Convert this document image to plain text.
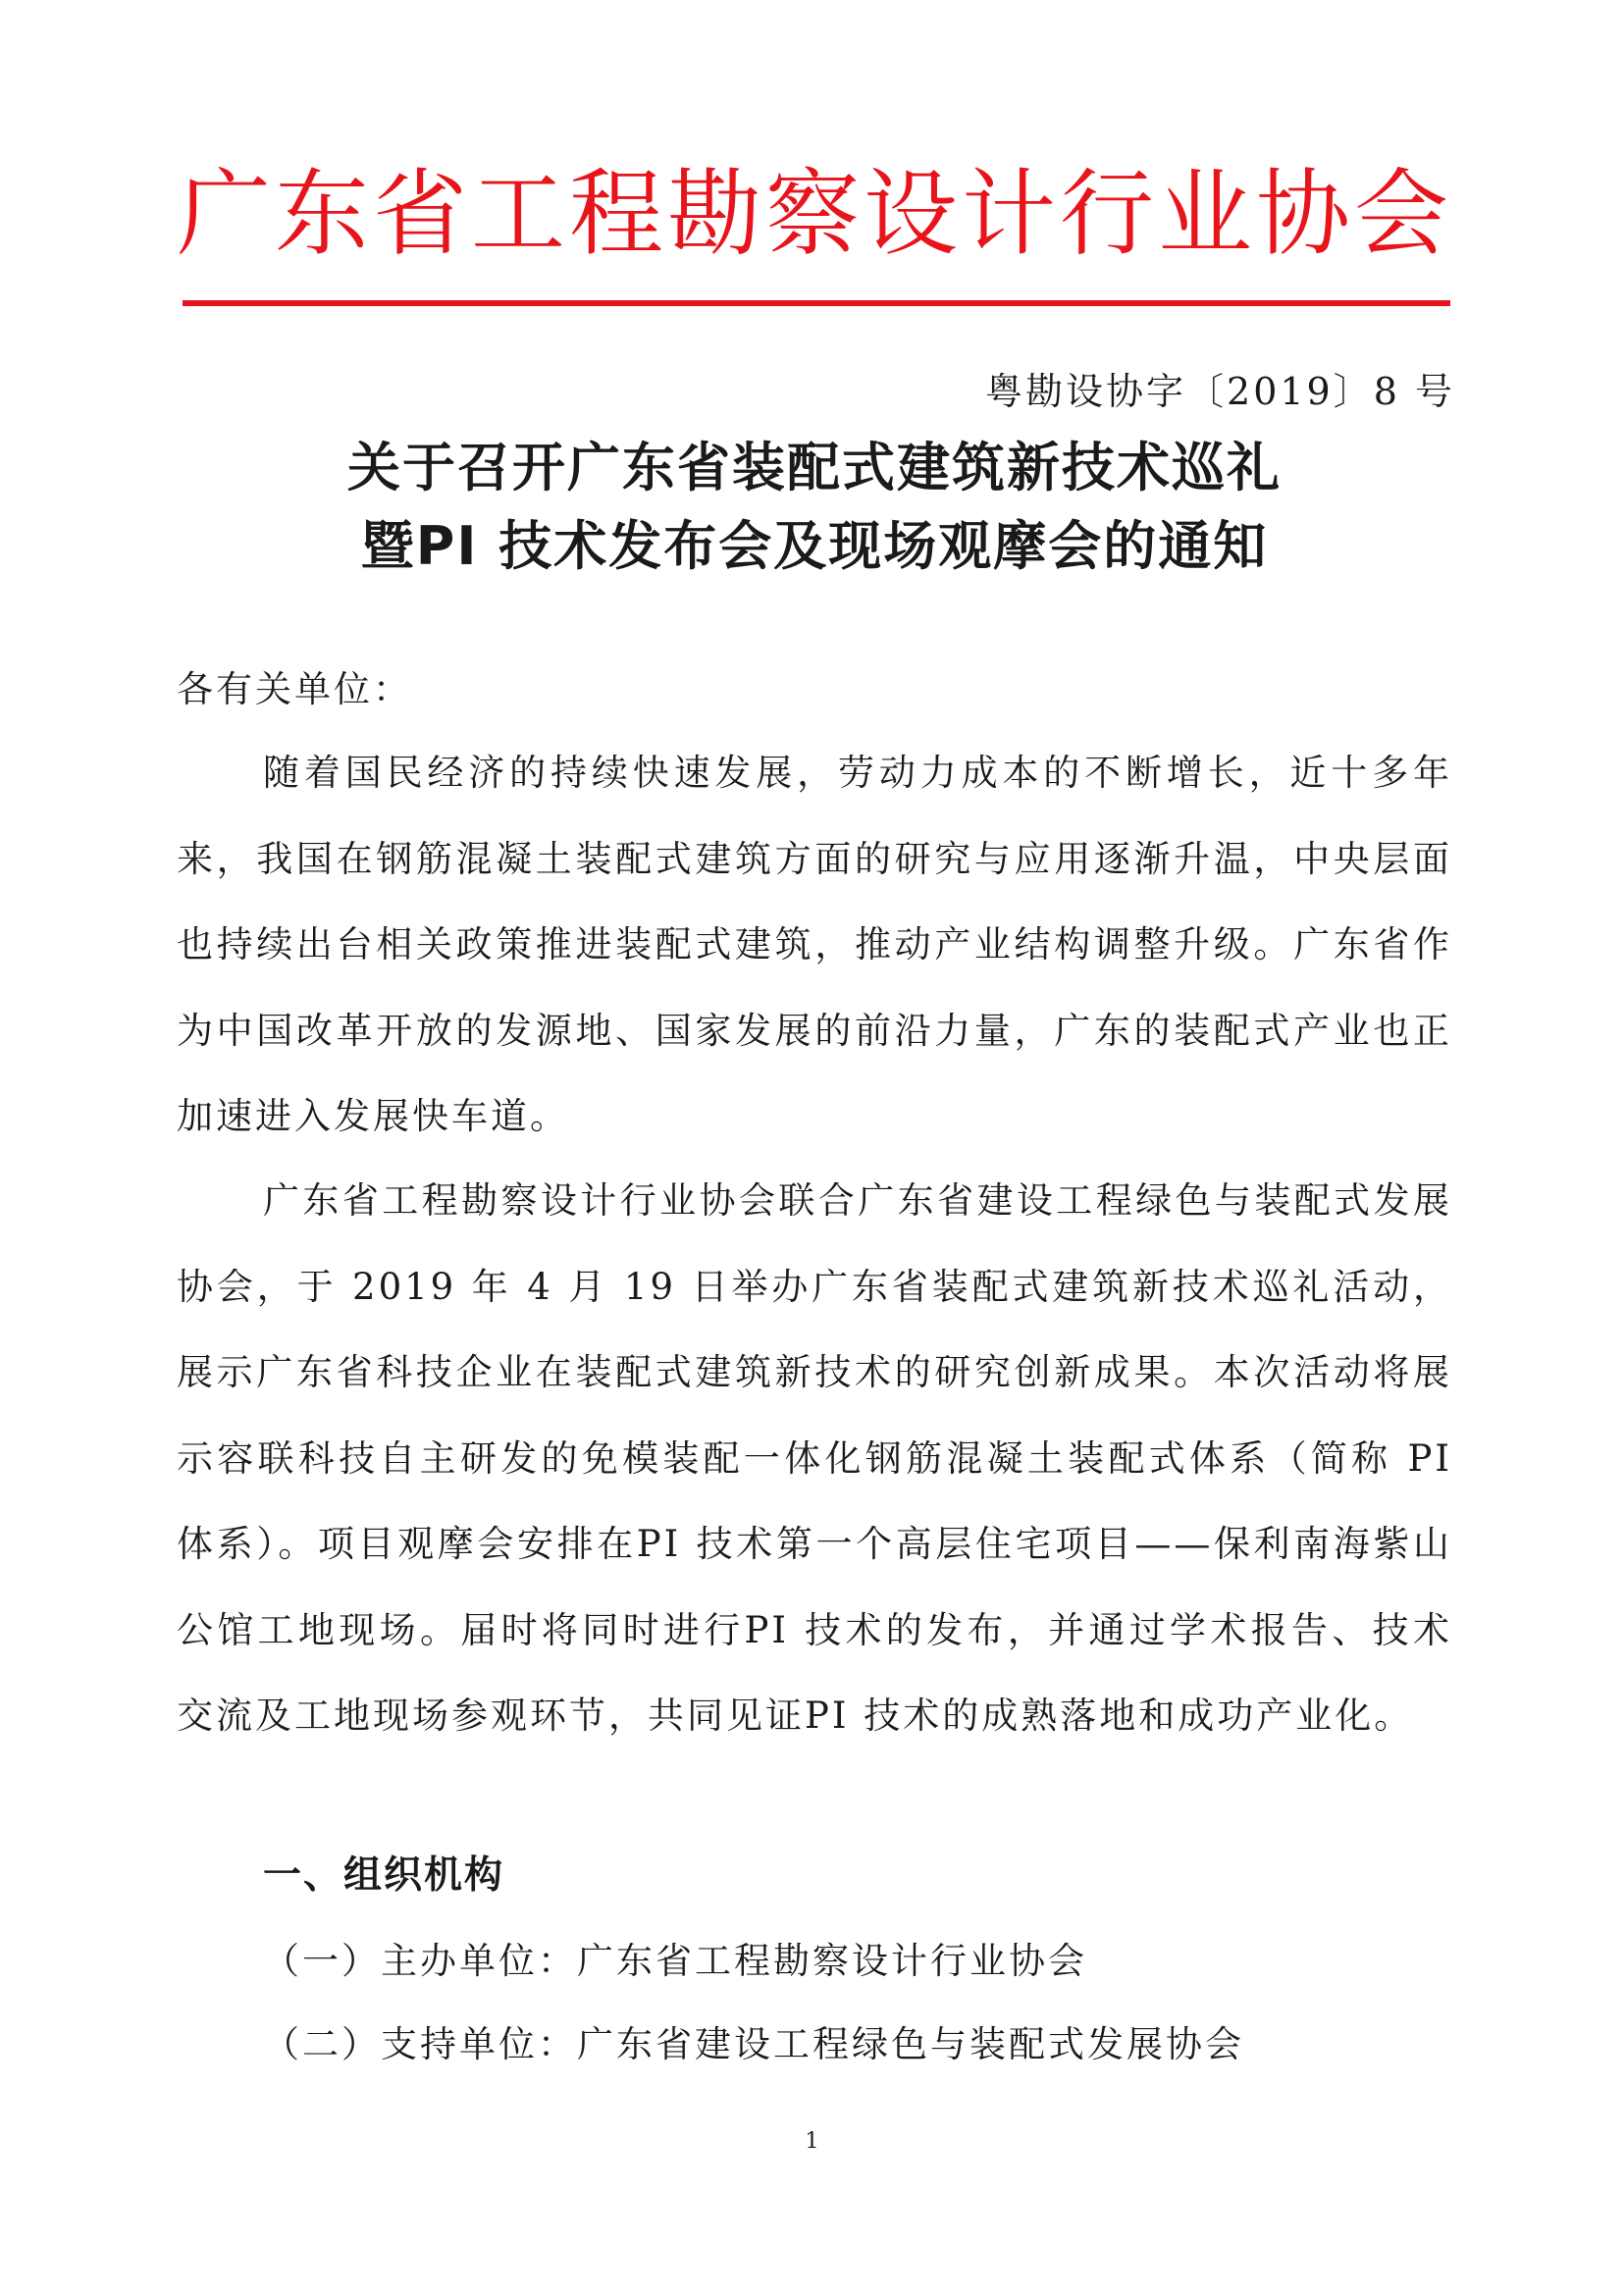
广东省工程勘察设计行业协会
粤勘设协字〔2019〕8 号
关于召开广东省装配式建筑新技术巡礼
暨PI 技术发布会及现场观摩会的通知
各有关单位：

随着国民经济的持续快速发展，劳动力成本的不断增长，近十多年来，我国在钢筋混凝土装配式建筑方面的研究与应用逐渐升温，中央层面也持续出台相关政策推进装配式建筑，推动产业结构调整升级。广东省作为中国改革开放的发源地、国家发展的前沿力量，广东的装配式产业也正加速进入发展快车道。

广东省工程勘察设计行业协会联合广东省建设工程绿色与装配式发展协会，于 2019 年 4 月 19 日举办广东省装配式建筑新技术巡礼活动，展示广东省科技企业在装配式建筑新技术的研究创新成果。本次活动将展示容联科技自主研发的免模装配一体化钢筋混凝土装配式体系（简称 PI 体系）。项目观摩会安排在PI 技术第一个高层住宅项目——保利南海紫山公馆工地现场。届时将同时进行PI 技术的发布，并通过学术报告、技术交流及工地现场参观环节，共同见证PI 技术的成熟落地和成功产业化。

一、组织机构
（一）主办单位：广东省工程勘察设计行业协会
（二）支持单位：广东省建设工程绿色与装配式发展协会
1
